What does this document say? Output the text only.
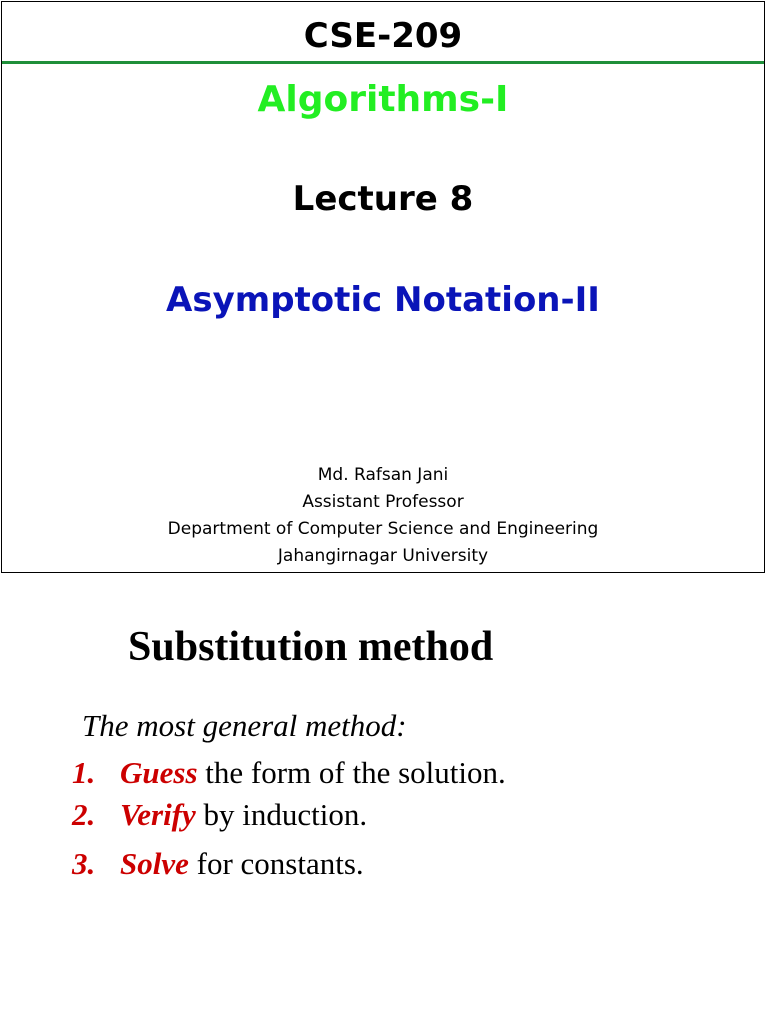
CSE-209
Algorithms-I
Lecture 8
Asymptotic Notation-II
Md. Rafsan Jani
Assistant Professor
Department of Computer Science and Engineering
Jahangirnagar University
Substitution method
The most general method:
1. Guess the form of the solution.
2. Verify by induction.
3. Solve for constants.
